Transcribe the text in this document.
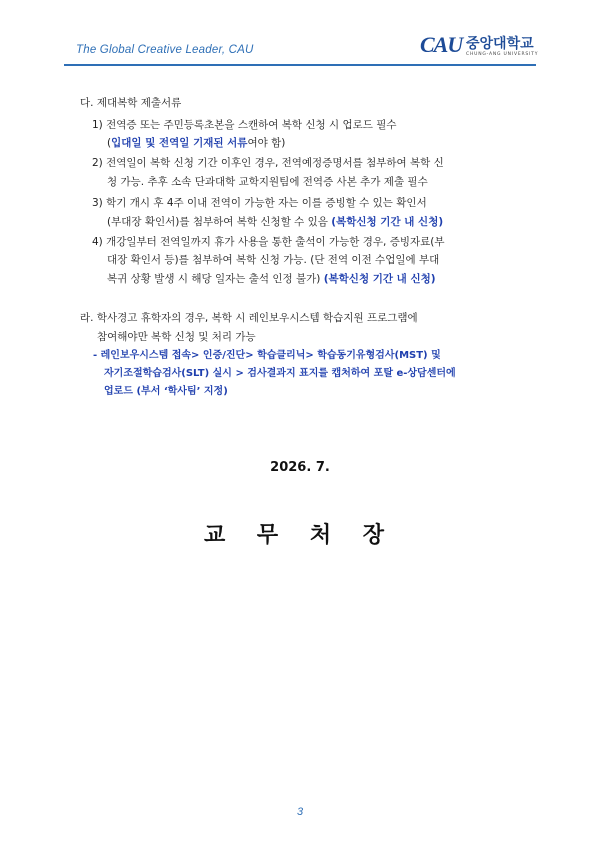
The Global Creative Leader, CAU	CAU 중앙대학교
CHUNG-ANG UNIVERSITY
다. 제대복학 제출서류
1) 전역증 또는 주민등록초본을 스캔하여 복학 신청 시 업로드 필수
(입대일 및 전역일 기재된 서류여야 함)
2) 전역일이 복학 신청 기간 이후인 경우, 전역예정증명서를 첨부하여 복학 신
청 가능. 추후 소속 단과대학 교학지원팀에 전역증 사본 추가 제출 필수
3) 학기 개시 후 4주 이내 전역이 가능한 자는 이를 증빙할 수 있는 확인서
(부대장 확인서)를 첨부하여 복학 신청할 수 있음 (복학신청 기간 내 신청)
4) 개강일부터 전역일까지 휴가 사용을 통한 출석이 가능한 경우, 증빙자료(부
대장 확인서 등)를 첨부하여 복학 신청 가능. (단 전역 이전 수업일에 부대
복귀 상황 발생 시 해당 일자는 출석 인정 불가) (복학신청 기간 내 신청)
라. 학사경고 휴학자의 경우, 복학 시 레인보우시스템 학습지원 프로그램에
참여해야만 복학 신청 및 처리 가능
- 레인보우시스템 접속> 인증/진단> 학습클리닉> 학습동기유형검사(MST) 및
자기조절학습검사(SLT) 실시 > 검사결과지 표지를 캡처하여 포탈 e-상담센터에
업로드 (부서 ‘학사팀’ 지정)
2026. 7.
교 무 처 장
3
